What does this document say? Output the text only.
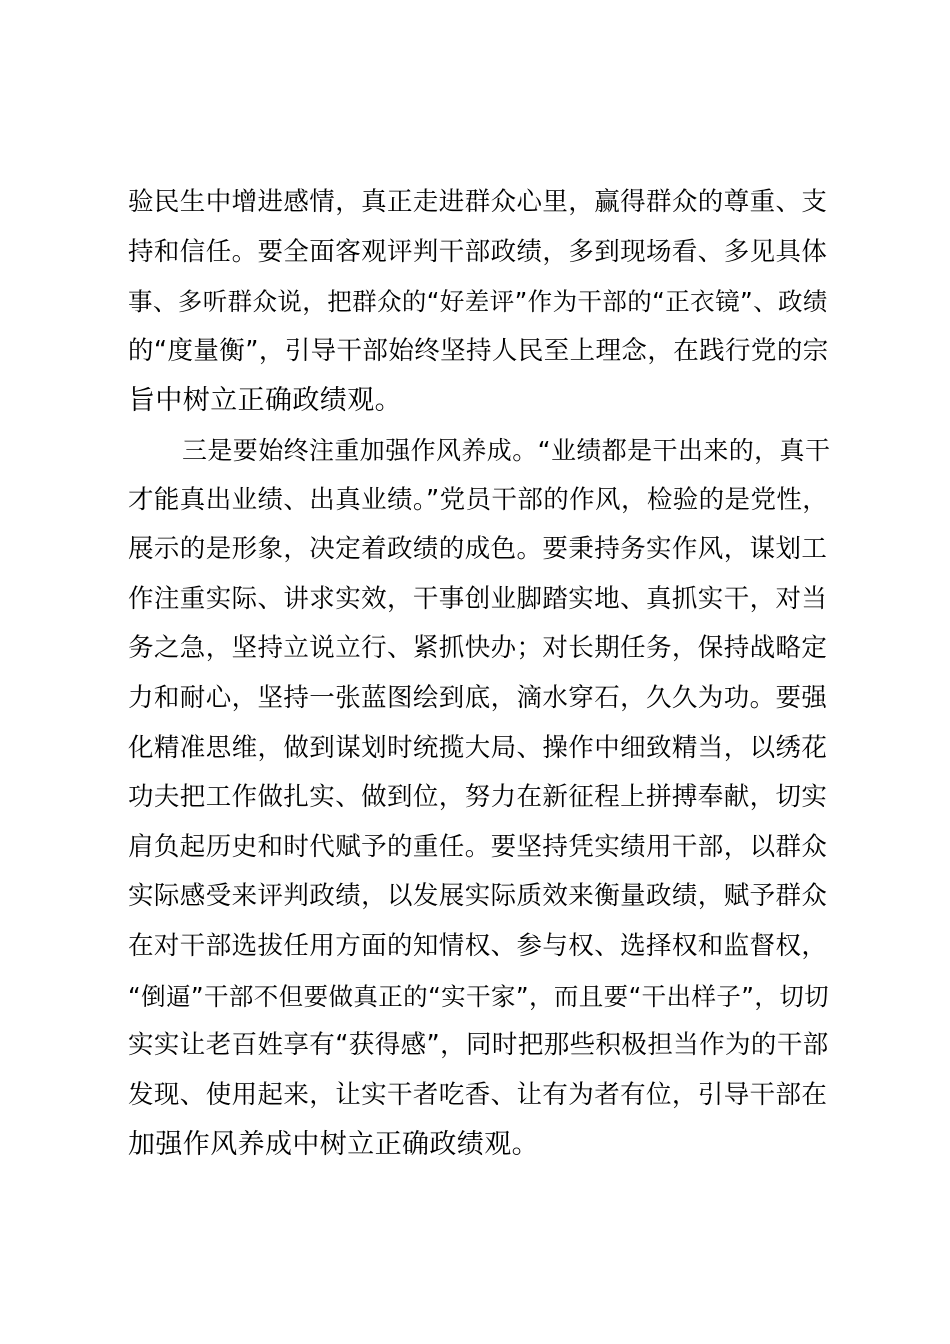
验民生中增进感情，真正走进群众心里，赢得群众的尊重、支
持和信任。要全面客观评判干部政绩，多到现场看、多见具体
事、多听群众说，把群众的“好差评”作为干部的“正衣镜”、政绩
的“度量衡”，引导干部始终坚持人民至上理念，在践行党的宗
旨中树立正确政绩观。
三是要始终注重加强作风养成。“业绩都是干出来的，真干
才能真出业绩、出真业绩。”党员干部的作风，检验的是党性，
展示的是形象，决定着政绩的成色。要秉持务实作风，谋划工
作注重实际、讲求实效，干事创业脚踏实地、真抓实干，对当
务之急，坚持立说立行、紧抓快办；对长期任务，保持战略定
力和耐心，坚持一张蓝图绘到底，滴水穿石，久久为功。要强
化精准思维，做到谋划时统揽大局、操作中细致精当，以绣花
功夫把工作做扎实、做到位，努力在新征程上拼搏奉献，切实
肩负起历史和时代赋予的重任。要坚持凭实绩用干部，以群众
实际感受来评判政绩，以发展实际质效来衡量政绩，赋予群众
在对干部选拔任用方面的知情权、参与权、选择权和监督权，
“倒逼”干部不但要做真正的“实干家”，而且要“干出样子”，切切
实实让老百姓享有“获得感”，同时把那些积极担当作为的干部
发现、使用起来，让实干者吃香、让有为者有位，引导干部在
加强作风养成中树立正确政绩观。
